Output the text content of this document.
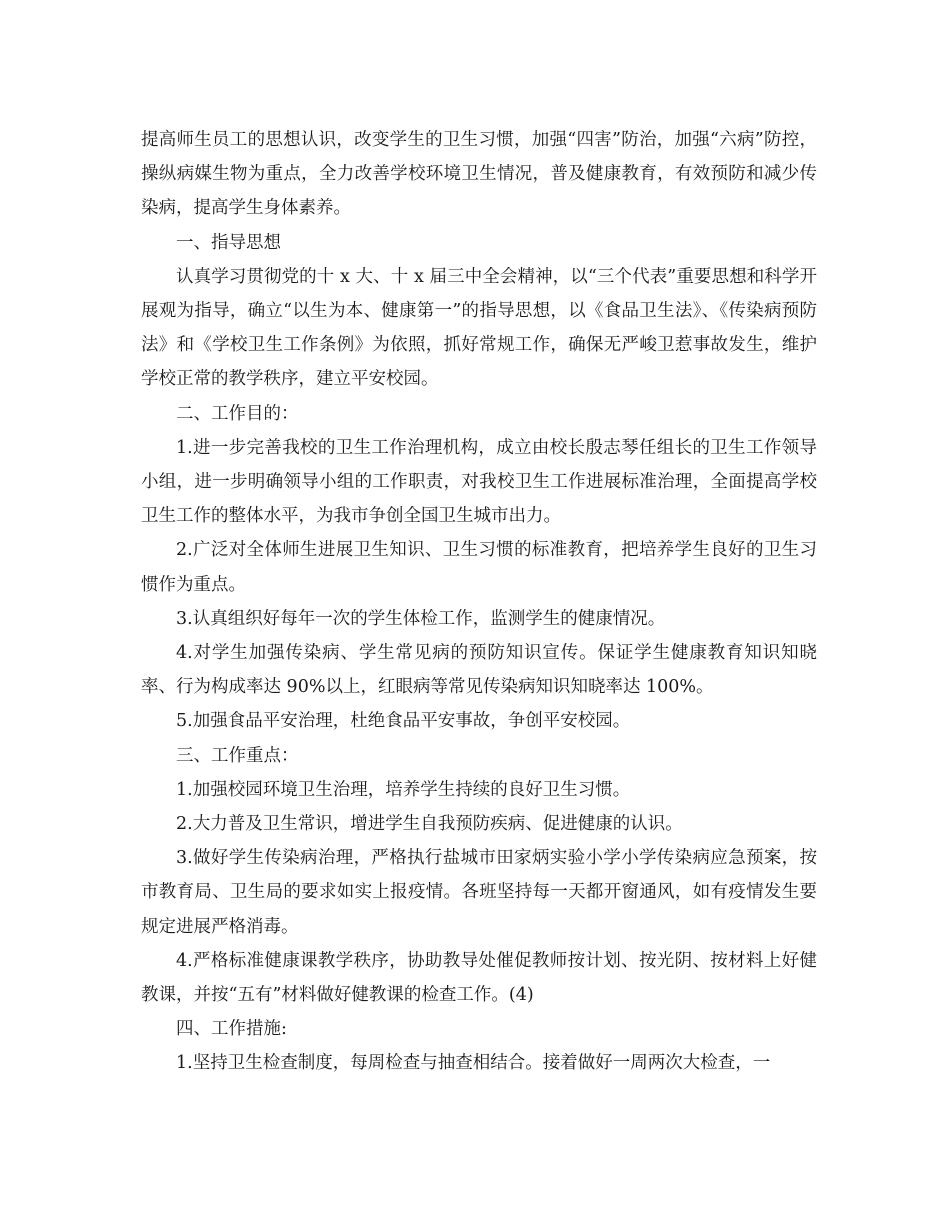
提高师生员工的思想认识，改变学生的卫生习惯，加强“四害”防治，加强“六病”防控，操纵病媒生物为重点，全力改善学校环境卫生情况，普及健康教育，有效预防和减少传染病，提高学生身体素养。

一、指导思想

认真学习贯彻党的十 x 大、十 x 届三中全会精神，以“三个代表”重要思想和科学开展观为指导，确立“以生为本、健康第一”的指导思想，以《食品卫生法》、《传染病预防法》和《学校卫生工作条例》为依照，抓好常规工作，确保无严峻卫惹事故发生，维护学校正常的教学秩序，建立平安校园。

二、工作目的：

1.进一步完善我校的卫生工作治理机构，成立由校长殷志琴任组长的卫生工作领导小组，进一步明确领导小组的工作职责，对我校卫生工作进展标准治理，全面提高学校卫生工作的整体水平，为我市争创全国卫生城市出力。

2.广泛对全体师生进展卫生知识、卫生习惯的标准教育，把培养学生良好的卫生习惯作为重点。

3.认真组织好每年一次的学生体检工作，监测学生的健康情况。

4.对学生加强传染病、学生常见病的预防知识宣传。保证学生健康教育知识知晓率、行为构成率达 90%以上，红眼病等常见传染病知识知晓率达 100%。

5.加强食品平安治理，杜绝食品平安事故，争创平安校园。

三、工作重点：

1.加强校园环境卫生治理，培养学生持续的良好卫生习惯。

2.大力普及卫生常识，增进学生自我预防疾病、促进健康的认识。

3.做好学生传染病治理，严格执行盐城市田家炳实验小学小学传染病应急预案，按市教育局、卫生局的要求如实上报疫情。各班坚持每一天都开窗通风，如有疫情发生要规定进展严格消毒。

4.严格标准健康课教学秩序，协助教导处催促教师按计划、按光阴、按材料上好健教课，并按“五有”材料做好健教课的检查工作。(4)

四、工作措施:

1.坚持卫生检查制度，每周检查与抽查相结合。接着做好一周两次大检查，一
